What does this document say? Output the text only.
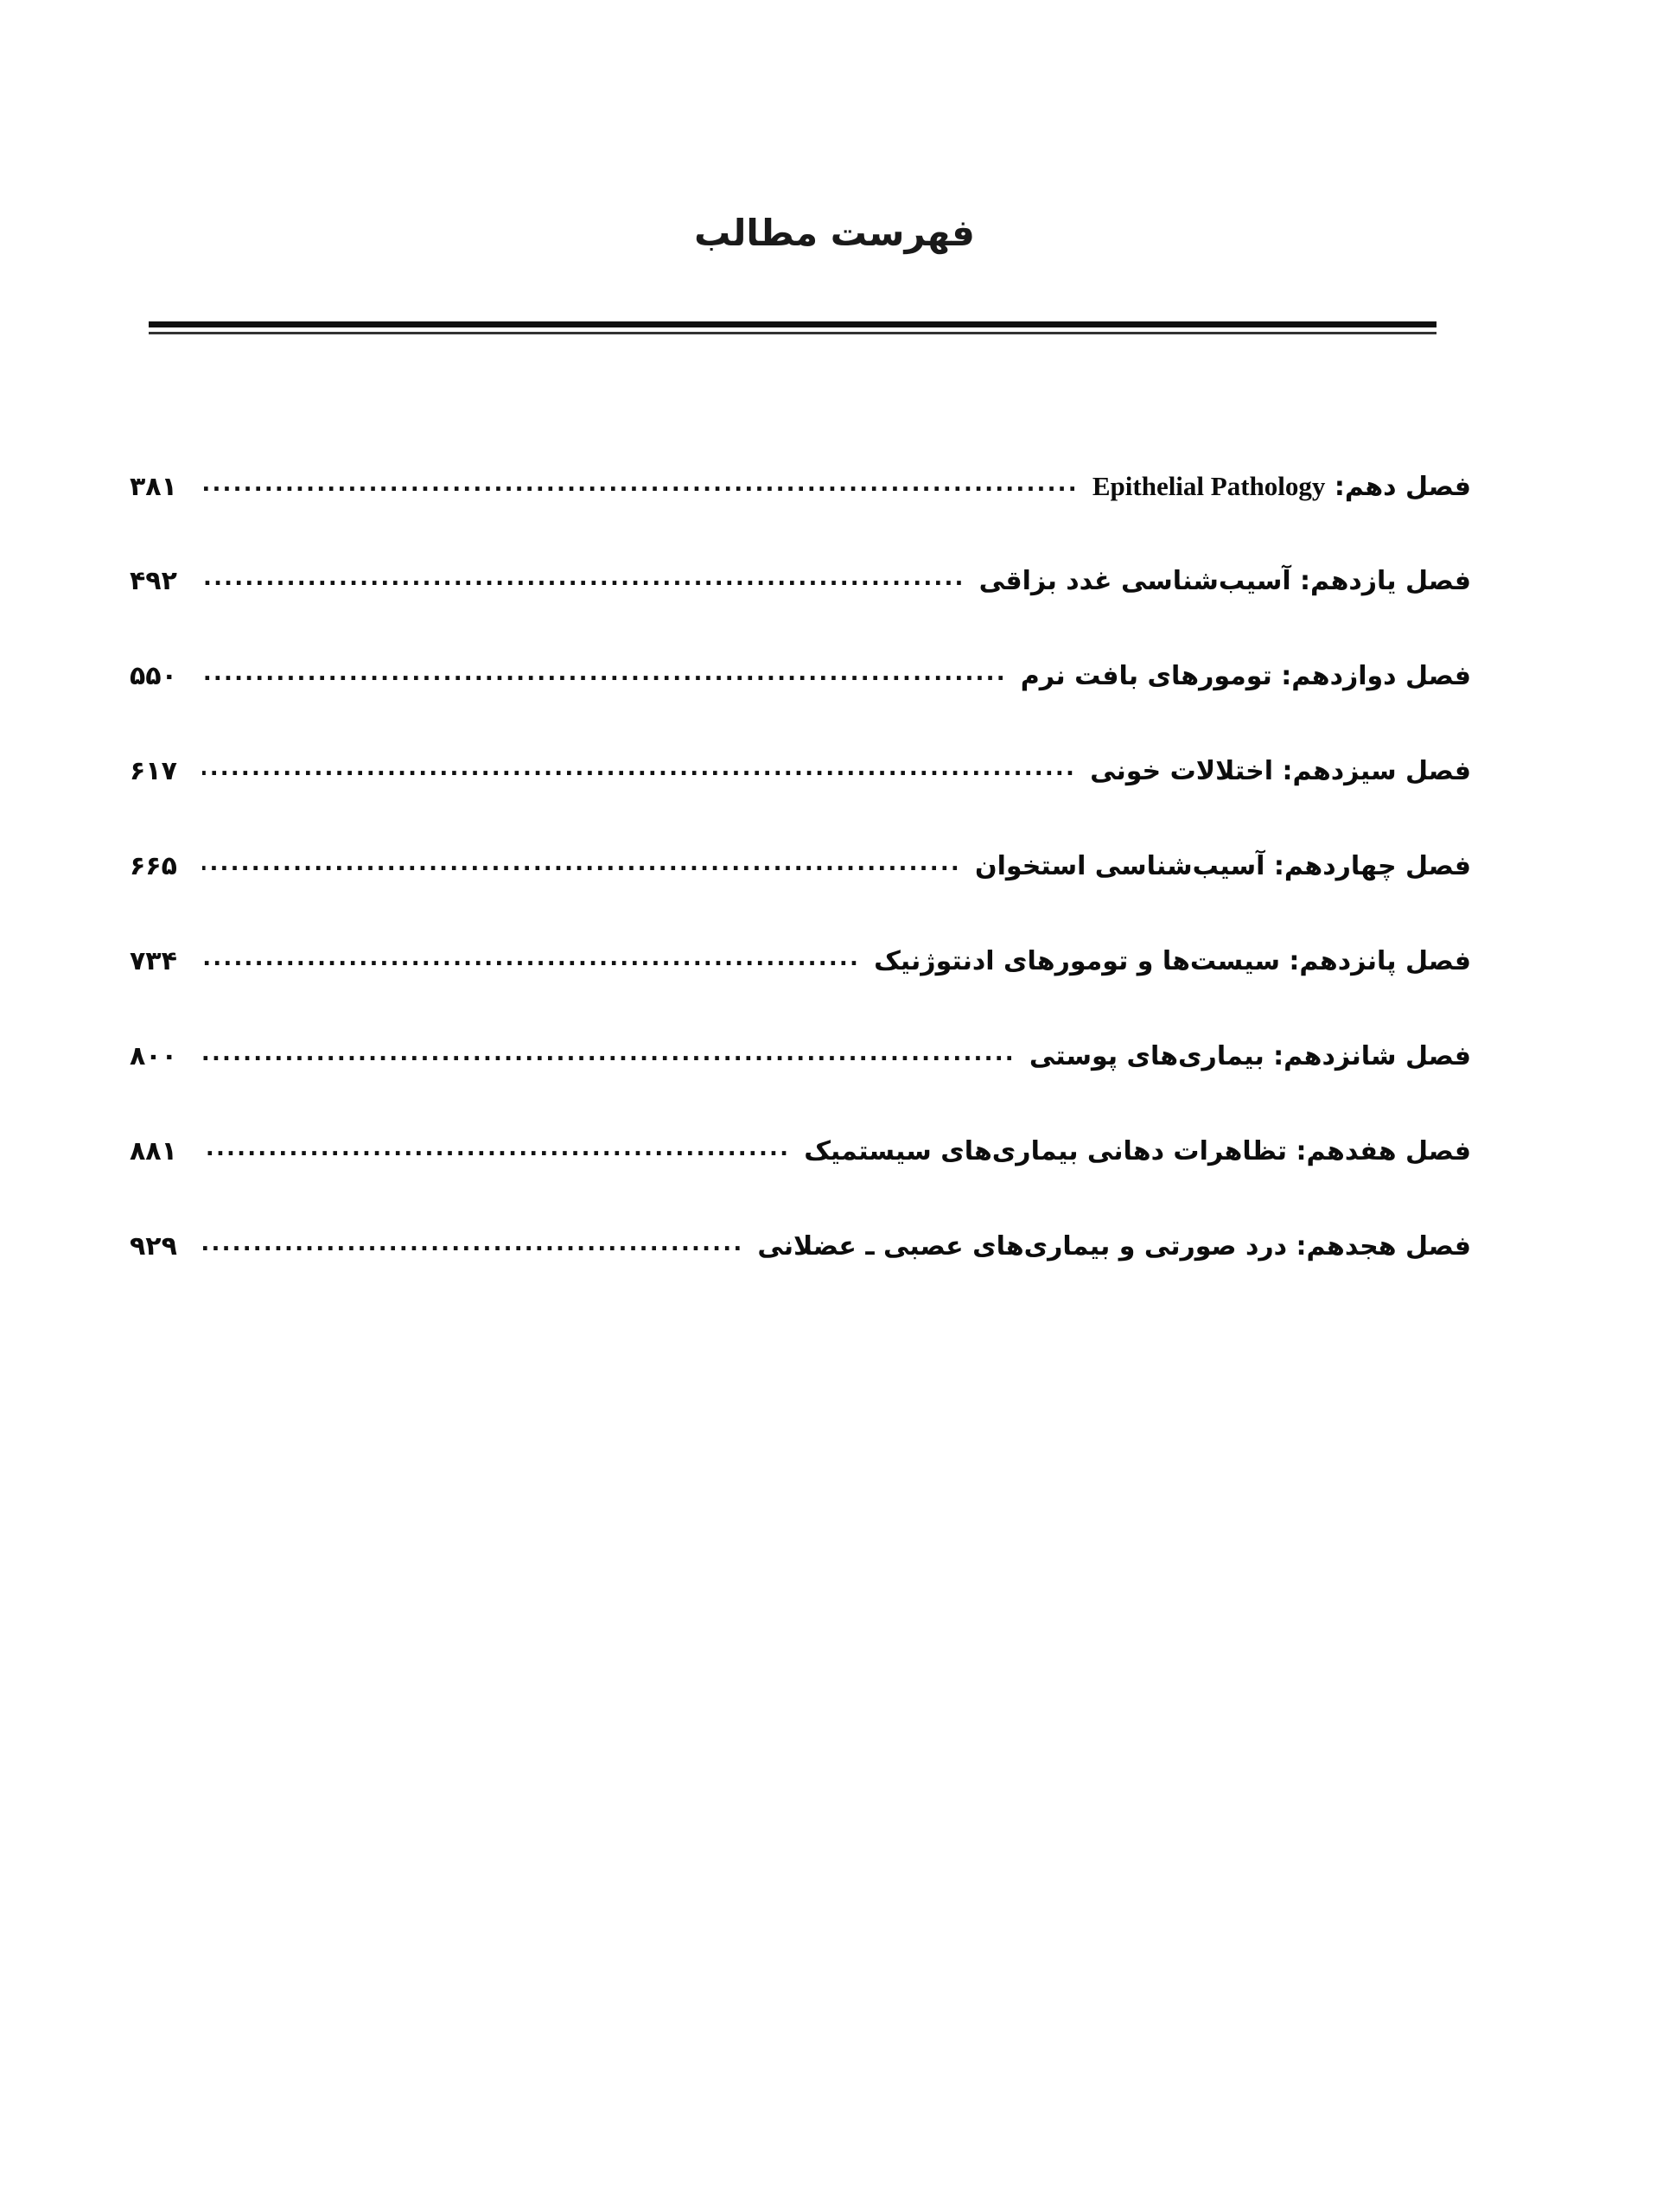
فهرست مطالب
فصل دهم: Epithelial Pathology
.....
۳۸۱
فصل یازدهم: آسیب‌شناسی غدد بزاقی
.....
۴۹۲
فصل دوازدهم: تومورهای بافت نرم
.....
۵۵۰
فصل سیزدهم: اختلالات خونی
.....
۶۱۷
فصل چهاردهم: آسیب‌شناسی استخوان
.....
۶۶۵
فصل پانزدهم: سیست‌ها و تومورهای ادنتوژنیک
.....
۷۳۴
فصل شانزدهم: بیماری‌های پوستی
.....
۸۰۰
فصل هفدهم: تظاهرات دهانی بیماری‌های سیستمیک
.....
۸۸۱
فصل هجدهم: درد صورتی و بیماری‌های عصبی ـ عضلانی
.....
۹۲۹
